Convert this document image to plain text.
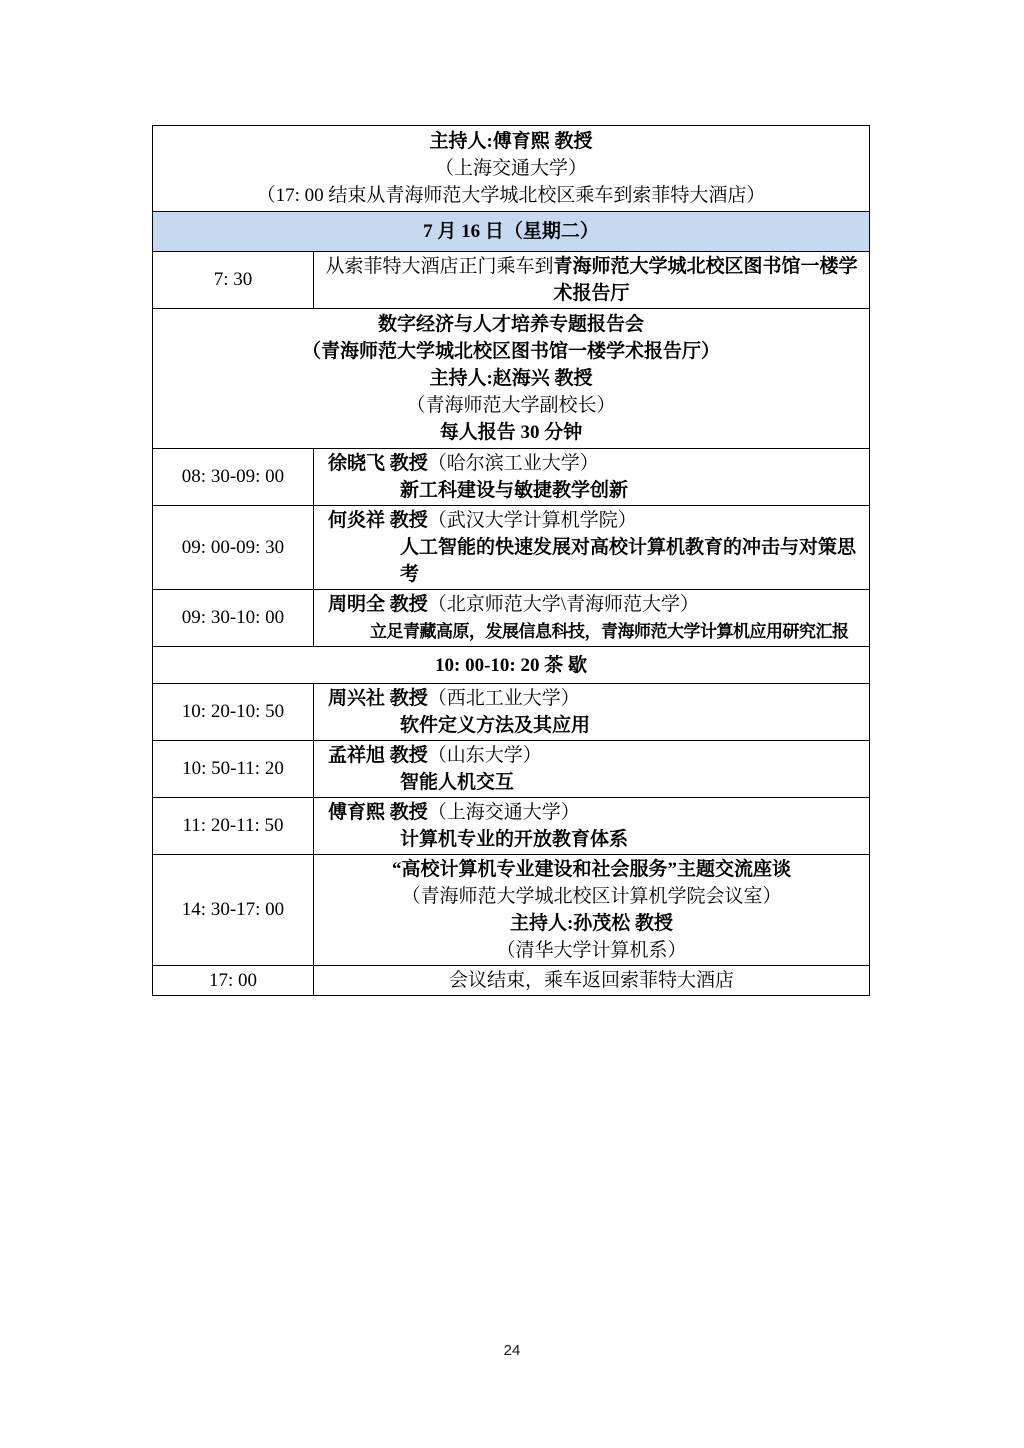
主持人:傅育熙 教授
（上海交通大学）
（17: 00 结束从青海师范大学城北校区乘车到索菲特大酒店）
7 月 16 日（星期二）
7: 30
从索菲特大酒店正门乘车到青海师范大学城北校区图书馆一楼学术报告厅
数字经济与人才培养专题报告会
（青海师范大学城北校区图书馆一楼学术报告厅）
主持人:赵海兴 教授
（青海师范大学副校长）
每人报告 30 分钟
08: 30-09: 00
徐晓飞 教授（哈尔滨工业大学）
新工科建设与敏捷教学创新
09: 00-09: 30
何炎祥 教授（武汉大学计算机学院）
人工智能的快速发展对高校计算机教育的冲击与对策思考
09: 30-10: 00
周明全 教授（北京师范大学\青海师范大学）
立足青藏高原，发展信息科技，青海师范大学计算机应用研究汇报
10: 00-10: 20 茶 歇
10: 20-10: 50
周兴社 教授（西北工业大学）
软件定义方法及其应用
10: 50-11: 20
孟祥旭 教授（山东大学）
智能人机交互
11: 20-11: 50
傅育熙 教授（上海交通大学）
计算机专业的开放教育体系
14: 30-17: 00
“高校计算机专业建设和社会服务”主题交流座谈
（青海师范大学城北校区计算机学院会议室）
主持人:孙茂松 教授
（清华大学计算机系）
17: 00	会议结束，乘车返回索菲特大酒店
24
